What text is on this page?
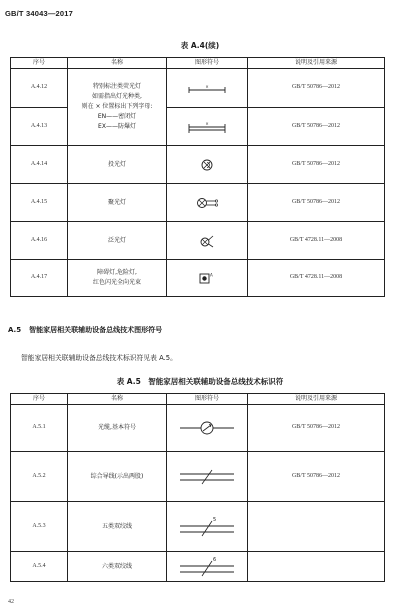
GB/T 34043—2017
表 A.4(续)
序号	名称	图形符号	说明及引用来源
A.4.12	特别标注类荧光灯
如需指出灯光种类,
则在 × 位置标出下列字母:
EN——密闭灯
EX——防爆灯	×	GB/T 50786—2012
A.4.13		×	GB/T 50786—2012
A.4.14	投光灯		GB/T 50786—2012
A.4.15	聚光灯		GB/T 50786—2012
A.4.16	泛光灯		GB/T 4728.11—2008
A.4.17	障碍灯,危险灯,
红色闪光全向光束	A	GB/T 4728.11—2008
A.5 智能家居相关联辅助设备总线技术图形符号
智能家居相关联辅助设备总线技术标识符见表 A.5。
表 A.5　智能家居相关联辅助设备总线技术标识符
序号	名称	图形符号	说明及引用来源
A.5.1	光缆,基本符号		GB/T 50786—2012
A.5.2	综合导线(示出两股)		GB/T 50786—2012
A.5.3	五类双绞线	5	

A.5.4	六类双绞线	6	

42
